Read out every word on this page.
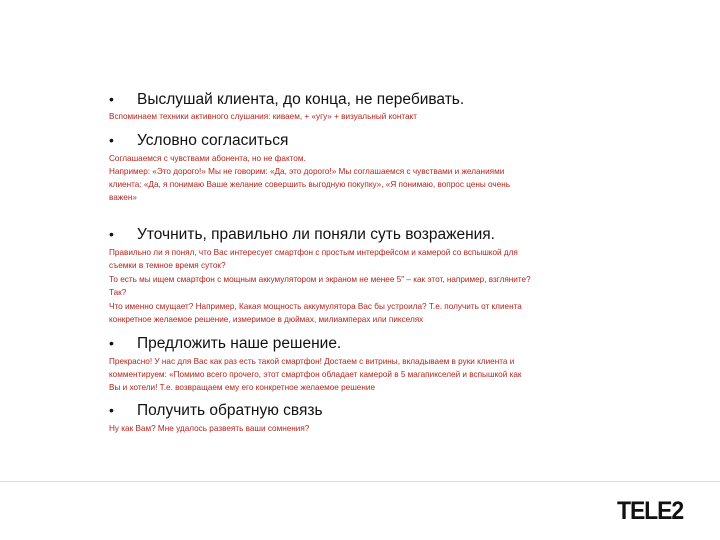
•	Выслушай клиента, до конца, не перебивать.
Вспоминаем техники активного слушания: киваем, + «угу» + визуальный контакт
•	Условно согласиться
Соглашаемся с чувствами абонента, но не фактом.
Например: «Это дорого!» Мы не говорим: «Да, это дорого!» Мы соглашаемся с чувствами и желаниями
клиента: «Да, я понимаю Ваше желание совершить выгодную покупку», «Я понимаю, вопрос цены очень
важен»
•	Уточнить, правильно ли поняли суть возражения.
Правильно ли я понял, что Вас интересует смартфон с простым интерфейсом и камерой со вспышкой для
съемки в темное время суток?
То есть мы ищем смартфон с мощным аккумулятором и экраном не менее 5" – как этот, например, взгляните?
Так?
Что именно смущает? Например, Какая мощность аккумулятора Вас бы устроила? Т.е. получить от клиента
конкретное желаемое решение, измеримое в дюймах, милиамперах или пикселях
•	Предложить наше решение.
Прекрасно! У нас для Вас как раз есть такой смартфон! Достаем с витрины, вкладываем в руки клиента и
комментируем: «Помимо всего прочего, этот смартфон обладает камерой в 5 магапикселей и вспышкой как
Вы и хотели! Т.е. возвращаем ему его конкретное желаемое решение
•	Получить обратную связь
Ну как Вам? Мне удалось развеять ваши сомнения?
TELE2
